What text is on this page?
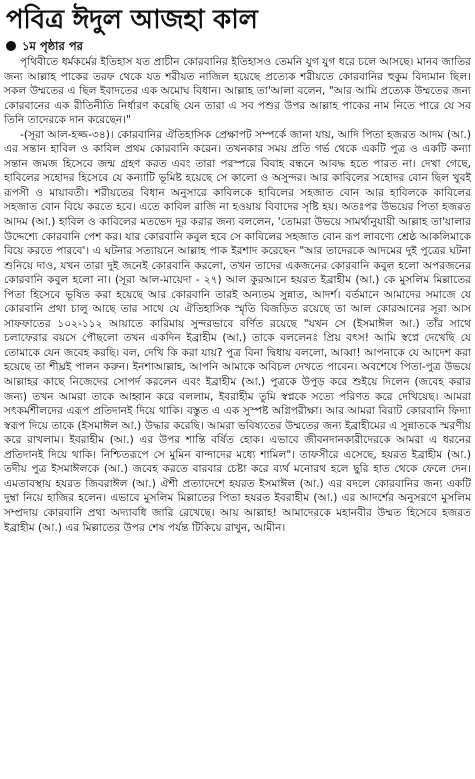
পবিত্র ঈদুল আজহা কাল
১ম পৃষ্ঠার পর

পৃথিবীতে ধর্মকর্মের ইতিহাস যত প্রাচীন কোরবানির ইতিহাসও তেমনি যুগ যুগ ধরে চলে আসছে। মানব জাতির জন্য আল্লাহ পাকের তরফ থেকে যত শরীয়ত নাজিল হয়েছে প্রত্যেক শরীয়তে কোরবানির হুকুম বিদ্যমান ছিল। সকল উম্মতের এ ছিল ইবাদতের এক অমোঘ বিধান। আল্লাহ তা'আলা বলেন, "আর আমি প্রত্যেক উম্মতের জন্য কোরবানের এক রীতিনীতি নির্ধারণ করেছি যেন তারা এ সব পশুর উপর আল্লাহ পাকের নাম নিতে পারে যে সব তিনি তাদেরকে দান করেছেন।"

-(সূরা আল-হজ্জ-৩৪)। কোরবানির ঐতিহাসিক প্রেক্ষাপট সম্পর্কে জানা যায়, আদি পিতা হজরত আদম (আ.) এর সন্তান হাবিল ও কাবিল প্রথম কোরবানি করেন। তখনকার সময় প্রতি গর্ভ থেকে একটি পুত্র ও একটি কন্যা সন্তান জমজ হিসেবে জন্ম গ্রহণ করত এবং তারা পরস্পরে বিবাহ বন্ধনে আবদ্ধ হতে পারত না। দেখা গেছে, হাবিলের সহোদর হিসেবে যে কন্যাটি ভূমিষ্ট হয়েছে সে কালো ও অসুন্দর। আর কাবিলের সহোদর বোন ছিল খুবই রূপসী ও মায়াবতী। শরীয়তের বিধান অনুসারে কাবিলকে হাবিলের সহজাত বোন আর হাবিলকে কাবিলের সহজাত বোন বিয়ে করতে হবে। এতে কাবিল রাজি না হওয়ায় বিবাদের সৃষ্টি হয়। অতঃপর উভয়ের পিতা হজরত আদম (আ.) হাবিল ও কাবিলের মতভেদ দূর করার জন্য বললেন, 'তোমরা উভয়ে সামর্থানুযায়ী আল্লাহ তা'য়ালার উদ্দেশ্যে কোরবানি পেশ কর। যার কোরবানি কবুল হবে সে কাবিলের সহজাত বোন রূপ লাবণ্যে শ্রেষ্ঠ আকলিমাকে বিয়ে করতে পারবে'। এ ঘটনার সত্যায়নে আল্লাহ পাক ইরশাদ করেছেন "আর তাদেরকে আদমের দুই পুত্রের ঘটনা শুনিয়ে দাও, যখন তারা দুই জনেই কোরবানি করলো, তখন তাদের একজনের কোরবানি কবুল হলো অপরজনের কোরবানি কবুল হলো না। (সূরা আল-মায়েদা - ২৭) আল কুরআনে হযরত ইব্রাহীম (আ.) কে মুসলিম মিল্লাতের পিতা হিসেবে ভূষিত করা হয়েছে আর কোরবানি তারই অন্যতম সুন্নাত, আদর্শ। বর্তমানে আমাদের সমাজে যে কোরবানি প্রথা চালু আছে তার সাথে যে ঐতিহাসিক স্মৃতি বিজড়িত রয়েছে তা আল কোরআনের সূরা আস সাফফাতের ১০২-১১২ আয়াতে কারিমায় সুন্দরভাবে বর্ণিত রয়েছে "যখন সে (ইসমাঈল আ.) তাঁর সাথে চলাফেরার বয়সে পৌছলো তখন একদিন ইব্রাহীম (আ.) তাকে বললেনঃ প্রিয় বৎস! আমি স্বপ্নে দেখেছি যে তোমাকে যেন জবেহ করছি। বল, দেখি কি করা যায়? পুত্র বিনা দ্বিধায় বললো, আব্বা! আপনাকে যে আদেশ করা হয়েছে তা শীঘ্রই পালন করুন। ইনশাআল্লাহ, আপনি আমাকে অবিচল দেখতে পাবেন। অবশেষে পিতা-পুত্র উভয়ে আল্লাহর কাছে নিজেদের সোপর্দ করলেন এবং ইব্রাহীম (আ.) পুত্রকে উপুড় করে শুইয়ে দিলেন (জবেহ করার জন্য) তখন আমরা তাকে আহ্বান করে বললাম, ইবরাহীম তুমি স্বপ্নকে সত্যে পরিণত করে দেখিয়েছ। আমরা সৎকর্মশীলদের এরূপ প্রতিদানই দিয়ে থাকি। বস্তুত এ এক সুস্পষ্ট অগ্নিপরীক্ষা। আর আমরা বিরাট কোরবানি ফিদ্যা স্বরূপ দিয়ে তাকে (ইসমাঈল আ.) উদ্ধার করেছি। আমরা ভবিষ্যতের উম্মতের জন্য ইব্রাহীমের এ সুন্নাতকে স্মরণীয় করে রাখলাম। ইবরাহীম (আ.) এর উপর শান্তি বর্ষিত হোক। এভাবে জীবনদানকারীদেরকে আমরা এ ধরনের প্রতিদানই দিয়ে থাকি। নিশ্চিতরূপে সে মুমিন বান্দাদের মধ্যে শামিল"। তাফসীরে এসেছে, হযরত ইব্রাহীম (আ.) তদীয় পুত্র ইসমাঈলকে (আ.) জবেহ করতে বারবার চেষ্টা করে ব্যর্থ মনোরথ হলে ছুরি হাত থেকে ফেলে দেন। এমতাবস্থায় হযরত জিবরাঈল (আ.) ঐশী প্রত্যাদেশে হযরত ইসমাঈল (আ.) এর বদলে কোরবানির জন্য একটি দুম্বা নিয়ে হাজির হলেন। এভাবে মুসলিম মিল্লাতের পিতা হযরত ইবরাহীম (আ.) এর আদর্শের অনুসরণে মুসলিম সম্প্রদায় কোরবানি প্রথা অদ্যাবধি জারি রেখেছে। আয় আল্লাহ! আমাদেরকে মহানবীর উম্মত হিসেবে হজরত ইব্রাহীম (আ.) এর মিল্লাতের উপর শেষ পর্যন্ত টিকিয়ে রাখুন, আমীন।
